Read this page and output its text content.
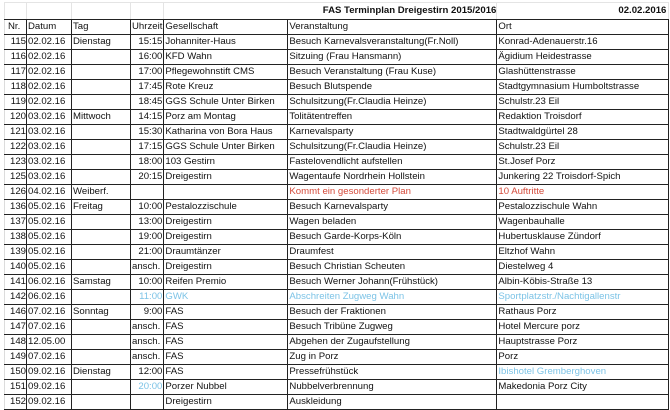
				FAS Terminplan Dreigestirn 2015/2016		02.02.2016
Nr.	Datum	Tag	Uhrzeit	Gesellschaft	Veranstaltung	Ort
115	02.02.16	Dienstag	15:15	Johanniter-Haus	Besuch Karnevalsveranstaltung(Fr.Noll)	Konrad-Adenauerstr.16
116	02.02.16		16:00	KFD Wahn	Sitzuing (Frau Hansmann)	Ägidium Heidestrasse
117	02.02.16		17:00	Pflegewohnstift CMS	Besuch Veranstaltung (Frau Kuse)	Glashüttenstrasse
118	02.02.16		17:45	Rote Kreuz	Besuch Blutspende	Stadtgymnasium Humboltstrasse
119	02.02.16		18:45	GGS Schule Unter Birken	Schulsitzung(Fr.Claudia Heinze)	Schulstr.23 Eil
120	03.02.16	Mittwoch	14:15	Porz am Montag	Tolitätentreffen	Redaktion Troisdorf
121	03.02.16		15:30	Katharina von Bora Haus	Karnevalsparty	Stadtwaldgürtel 28
122	03.02.16		17:15	GGS Schule Unter Birken	Schulsitzung(Fr.Claudia Heinze)	Schulstr.23 Eil
123	03.02.16		18:00	103 Gestirn	Fastelovendlicht aufstellen	St.Josef Porz
125	03.02.16		20:15	Dreigestirn	Wagentaufe Nordrhein Hollstein	Junkering 22 Troisdorf-Spich
126	04.02.16	Weiberf.			Kommt ein gesonderter Plan	10 Auftritte
136	05.02.16	Freitag	10:00	Pestalozzischule	Besuch Karnevalsparty	Pestalozzischule Wahn
137	05.02.16		13:00	Dreigestirn	Wagen beladen	Wagenbauhalle
138	05.02.16		19:00	Dreigestirn	Besuch Garde-Korps-Köln	Hubertusklause Zündorf
139	05.02.16		21:00	Draumtänzer	Draumfest	Eltzhof Wahn
140	05.02.16		ansch.	Dreigestirn	Besuch Christian Scheuten	Diestelweg 4
141	06.02.16	Samstag	10:00	Reifen Premio	Besuch Werner Johann(Frühstück)	Albin-Köbis-Straße 13
142	06.02.16		11:00	GWK	Abschreiten Zugweg Wahn	Sportplatzstr./Nachtigallenstr
146	07.02.16	Sonntag	9:00	FAS	Besuch der Fraktionen	Rathaus Porz
147	07.02.16		ansch.	FAS	Besuch Tribüne Zugweg	Hotel Mercure porz
148	12.05.00		ansch.	FAS	Abgehen der Zugaufstellung	Hauptstrasse Porz
149	07.02.16		ansch.	FAS	Zug in Porz	Porz
150	09.02.16	Dienstag	12:00	FAS	Pressefrühstück	Ibishotel Gremberghoven
151	09.02.16		20:00	Porzer Nubbel	Nubbelverbrennung	Makedonia Porz City
152	09.02.16			Dreigestirn	Auskleidung	
